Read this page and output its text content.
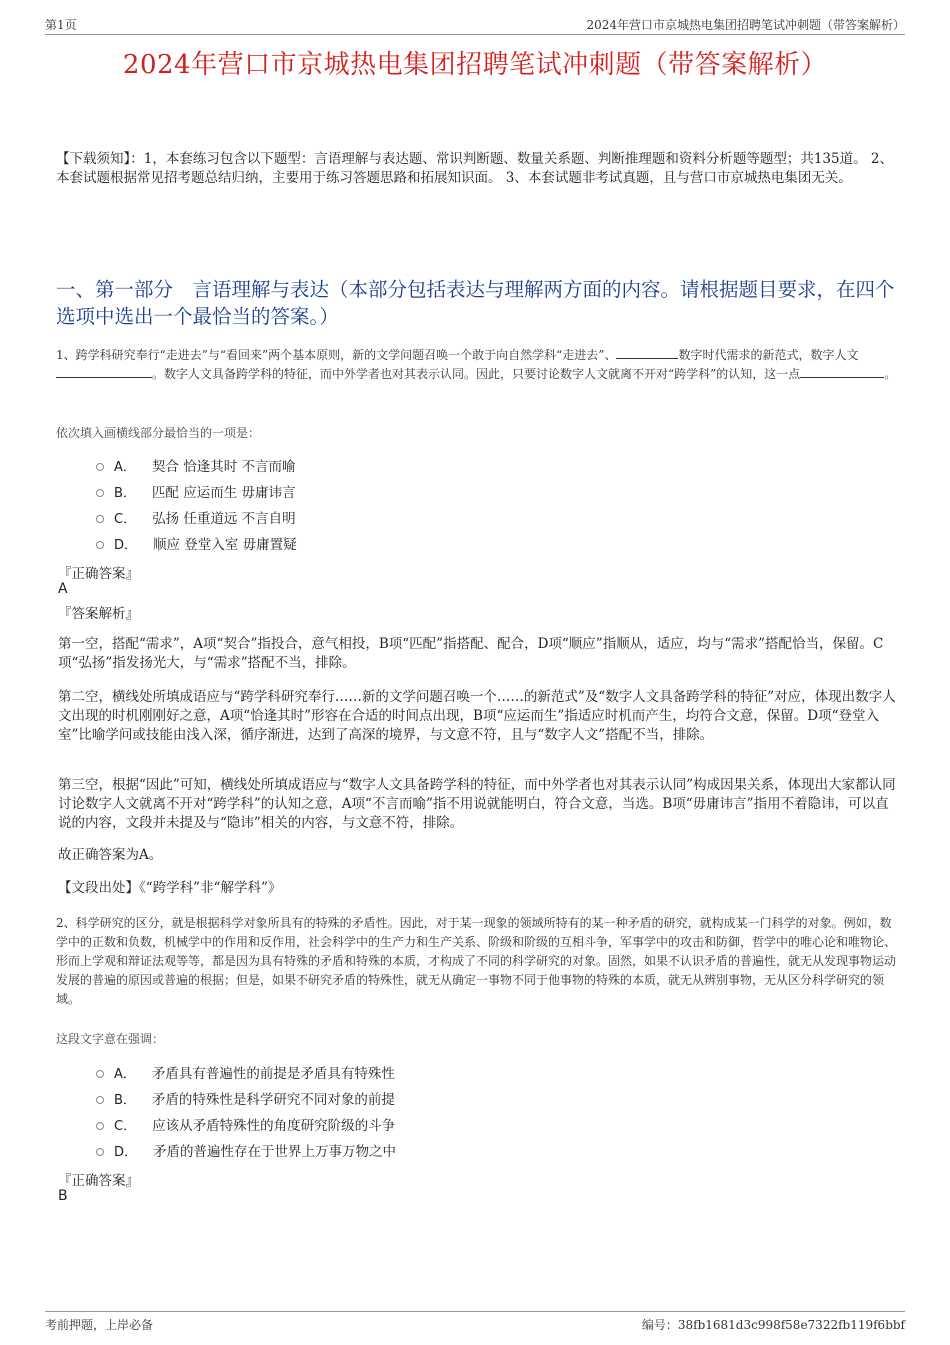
第1页	2024年营口市京城热电集团招聘笔试冲刺题（带答案解析）
2024年营口市京城热电集团招聘笔试冲刺题（带答案解析）
【下载须知】：1，本套练习包含以下题型：言语理解与表达题、常识判断题、数量关系题、判断推理题和资料分析题等题型；共135道。 2、本套试题根据常见招考题总结归纳，主要用于练习答题思路和拓展知识面。 3、本套试题非考试真题，且与营口市京城热电集团无关。
一、第一部分　言语理解与表达（本部分包括表达与理解两方面的内容。请根据题目要求，在四个选项中选出一个最恰当的答案。）
1、跨学科研究奉行“走进去”与“看回来”两个基本原则，新的文学问题召唤一个敢于向自然学科“走进去”、	数字时代需求的新范式，数字人文。数字人文具备跨学科的特征，而中外学者也对其表示认同。因此，只要讨论数字人文就离不开对“跨学科”的认知，这一点	。
依次填入画横线部分最恰当的一项是：
A． 契合 恰逢其时 不言而喻
B． 匹配 应运而生 毋庸讳言
C． 弘扬 任重道远 不言自明
D． 顺应 登堂入室 毋庸置疑
『正确答案』
A
『答案解析』
第一空，搭配“需求”，A项“契合”指投合，意气相投，B项“匹配”指搭配、配合，D项“顺应”指顺从，适应，均与“需求”搭配恰当，保留。C项“弘扬”指发扬光大，与“需求”搭配不当，排除。
第二空，横线处所填成语应与“跨学科研究奉行……新的文学问题召唤一个……的新范式”及“数字人文具备跨学科的特征”对应，体现出数字人文出现的时机刚刚好之意，A项“恰逢其时”形容在合适的时间点出现，B项“应运而生”指适应时机而产生，均符合文意，保留。D项“登堂入室”比喻学问或技能由浅入深，循序渐进，达到了高深的境界，与文意不符，且与“数字人文”搭配不当，排除。
第三空，根据“因此”可知，横线处所填成语应与“数字人文具备跨学科的特征，而中外学者也对其表示认同”构成因果关系，体现出大家都认同讨论数字人文就离不开对“跨学科”的认知之意，A项“不言而喻”指不用说就能明白，符合文意，当选。B项“毋庸讳言”指用不着隐讳，可以直说的内容，文段并未提及与“隐讳”相关的内容，与文意不符，排除。
故正确答案为A。
【文段出处】《“跨学科”非“解学科”》
2、科学研究的区分，就是根据科学对象所具有的特殊的矛盾性。因此，对于某一现象的领域所特有的某一种矛盾的研究，就构成某一门科学的对象。例如，数学中的正数和负数，机械学中的作用和反作用，社会科学中的生产力和生产关系、阶级和阶级的互相斗争，军事学中的攻击和防御，哲学中的唯心论和唯物论、形而上学观和辩证法观等等，都是因为具有特殊的矛盾和特殊的本质，才构成了不同的科学研究的对象。固然，如果不认识矛盾的普遍性，就无从发现事物运动发展的普遍的原因或普遍的根据；但是，如果不研究矛盾的特殊性，就无从确定一事物不同于他事物的特殊的本质，就无从辨别事物，无从区分科学研究的领域。
这段文字意在强调：
A． 矛盾具有普遍性的前提是矛盾具有特殊性
B． 矛盾的特殊性是科学研究不同对象的前提
C． 应该从矛盾特殊性的角度研究阶级的斗争
D． 矛盾的普遍性存在于世界上万事万物之中
『正确答案』
B
考前押题，上岸必备	编号：38fb1681d3c998f58e7322fb119f6bbf
